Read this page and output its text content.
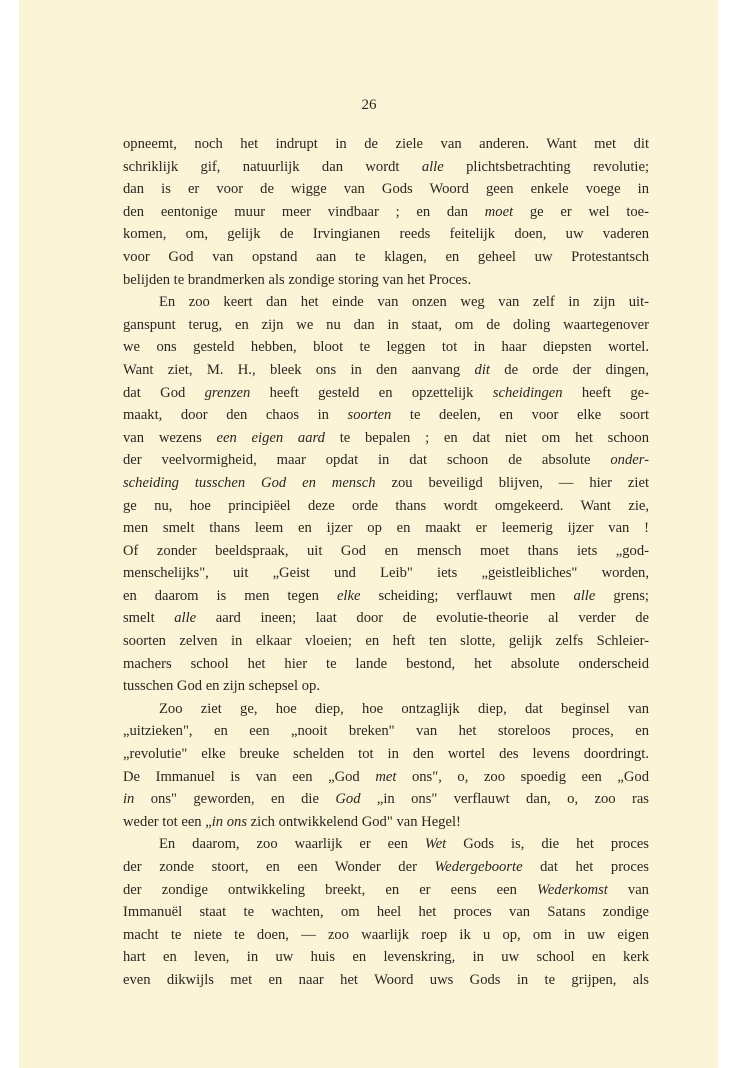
26
opneemt, noch het indrupt in de ziele van anderen. Want met dit
schriklijk gif, natuurlijk dan wordt alle plichtsbetrachting revolutie;
dan is er voor de wigge van Gods Woord geen enkele voege in
den eentonige muur meer vindbaar ; en dan moet ge er wel toe-
komen, om, gelijk de Irvingianen reeds feitelijk doen, uw vaderen
voor God van opstand aan te klagen, en geheel uw Protestantsch
belijden te brandmerken als zondige storing van het Proces.
En zoo keert dan het einde van onzen weg van zelf in zijn uit-
ganspunt terug, en zijn we nu dan in staat, om de doling waartegenover
we ons gesteld hebben, bloot te leggen tot in haar diepsten wortel.
Want ziet, M. H., bleek ons in den aanvang dit de orde der dingen,
dat God grenzen heeft gesteld en opzettelijk scheidingen heeft ge-
maakt, door den chaos in soorten te deelen, en voor elke soort
van wezens een eigen aard te bepalen ; en dat niet om het schoon
der veelvormigheid, maar opdat in dat schoon de absolute onder-
scheiding tusschen God en mensch zou beveiligd blijven, — hier ziet
ge nu, hoe principiëel deze orde thans wordt omgekeerd. Want zie,
men smelt thans leem en ijzer op en maakt er leemerig ijzer van !
Of zonder beeldspraak, uit God en mensch moet thans iets „god-
menschelijks", uit „Geist und Leib" iets „geistleibliches" worden,
en daarom is men tegen elke scheiding; verflauwt men alle grens;
smelt alle aard ineen; laat door de evolutie-theorie al verder de
soorten zelven in elkaar vloeien; en heft ten slotte, gelijk zelfs Schleier-
machers school het hier te lande bestond, het absolute onderscheid
tusschen God en zijn schepsel op.
Zoo ziet ge, hoe diep, hoe ontzaglijk diep, dat beginsel van
„uitzieken", en een „nooit breken" van het storeloos proces, en
„revolutie" elke breuke schelden tot in den wortel des levens doordringt.
De Immanuel is van een „God met ons", o, zoo spoedig een „God
in ons" geworden, en die God „in ons" verflauwt dan, o, zoo ras
weder tot een „in ons zich ontwikkelend God" van Hegel!
En daarom, zoo waarlijk er een Wet Gods is, die het proces
der zonde stoort, en een Wonder der Wedergeboorte dat het proces
der zondige ontwikkeling breekt, en er eens een Wederkomst van
Immanuël staat te wachten, om heel het proces van Satans zondige
macht te niete te doen, — zoo waarlijk roep ik u op, om in uw eigen
hart en leven, in uw huis en levenskring, in uw school en kerk
even dikwijls met en naar het Woord uws Gods in te grijpen, als
